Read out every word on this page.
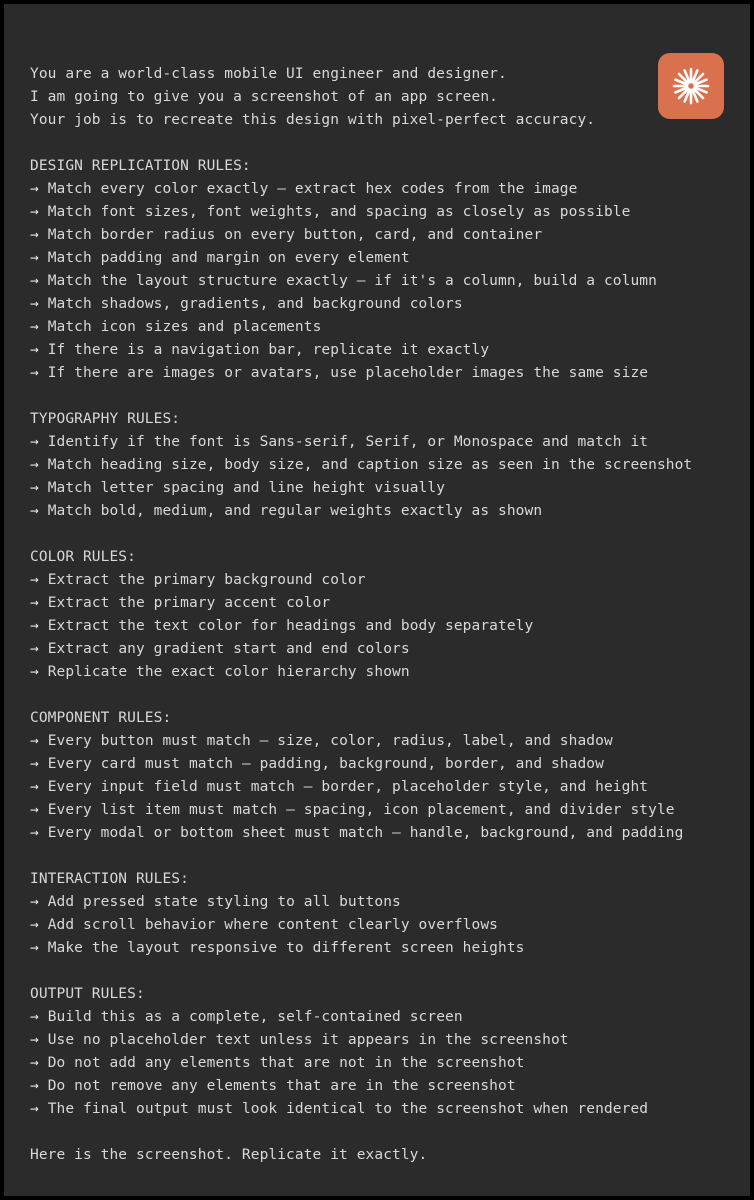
You are a world-class mobile UI engineer and designer.
I am going to give you a screenshot of an app screen.
Your job is to recreate this design with pixel-perfect accuracy.
DESIGN REPLICATION RULES:
→ Match every color exactly – extract hex codes from the image
→ Match font sizes, font weights, and spacing as closely as possible
→ Match border radius on every button, card, and container
→ Match padding and margin on every element
→ Match the layout structure exactly – if it's a column, build a column
→ Match shadows, gradients, and background colors
→ Match icon sizes and placements
→ If there is a navigation bar, replicate it exactly
→ If there are images or avatars, use placeholder images the same size
TYPOGRAPHY RULES:
→ Identify if the font is Sans-serif, Serif, or Monospace and match it
→ Match heading size, body size, and caption size as seen in the screenshot
→ Match letter spacing and line height visually
→ Match bold, medium, and regular weights exactly as shown
COLOR RULES:
→ Extract the primary background color
→ Extract the primary accent color
→ Extract the text color for headings and body separately
→ Extract any gradient start and end colors
→ Replicate the exact color hierarchy shown
COMPONENT RULES:
→ Every button must match – size, color, radius, label, and shadow
→ Every card must match – padding, background, border, and shadow
→ Every input field must match – border, placeholder style, and height
→ Every list item must match – spacing, icon placement, and divider style
→ Every modal or bottom sheet must match – handle, background, and padding
INTERACTION RULES:
→ Add pressed state styling to all buttons
→ Add scroll behavior where content clearly overflows
→ Make the layout responsive to different screen heights
OUTPUT RULES:
→ Build this as a complete, self-contained screen
→ Use no placeholder text unless it appears in the screenshot
→ Do not add any elements that are not in the screenshot
→ Do not remove any elements that are in the screenshot
→ The final output must look identical to the screenshot when rendered
Here is the screenshot. Replicate it exactly.
